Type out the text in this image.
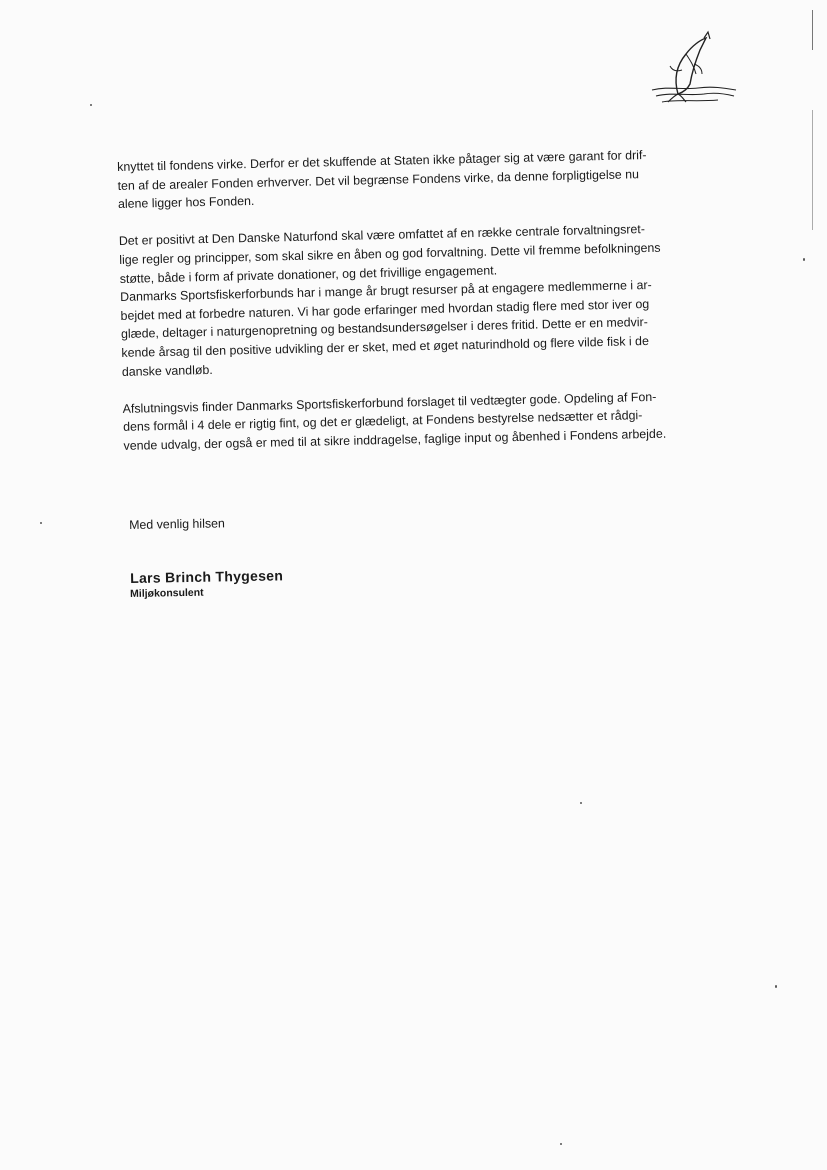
knyttet til fondens virke. Derfor er det skuffende at Staten ikke påtager sig at være garant for drif-
ten af de arealer Fonden erhverver. Det vil begrænse Fondens virke, da denne forpligtigelse nu
alene ligger hos Fonden.

Det er positivt at Den Danske Naturfond skal være omfattet af en række centrale forvaltningsret-
lige regler og principper, som skal sikre en åben og god forvaltning. Dette vil fremme befolkningens
støtte, både i form af private donationer, og det frivillige engagement.
Danmarks Sportsfiskerforbunds har i mange år brugt resurser på at engagere medlemmerne i ar-
bejdet med at forbedre naturen. Vi har gode erfaringer med hvordan stadig flere med stor iver og
glæde, deltager i naturgenopretning og bestandsundersøgelser i deres fritid. Dette er en medvir-
kende årsag til den positive udvikling der er sket, med et øget naturindhold og flere vilde fisk i de
danske vandløb.

Afslutningsvis finder Danmarks Sportsfiskerforbund forslaget til vedtægter gode. Opdeling af Fon-
dens formål i 4 dele er rigtig fint, og det er glædeligt, at Fondens bestyrelse nedsætter et rådgi-
vende udvalg, der også er med til at sikre inddragelse, faglige input og åbenhed i Fondens arbejde.

Med venlig hilsen
Lars Brinch Thygesen
Miljøkonsulent
